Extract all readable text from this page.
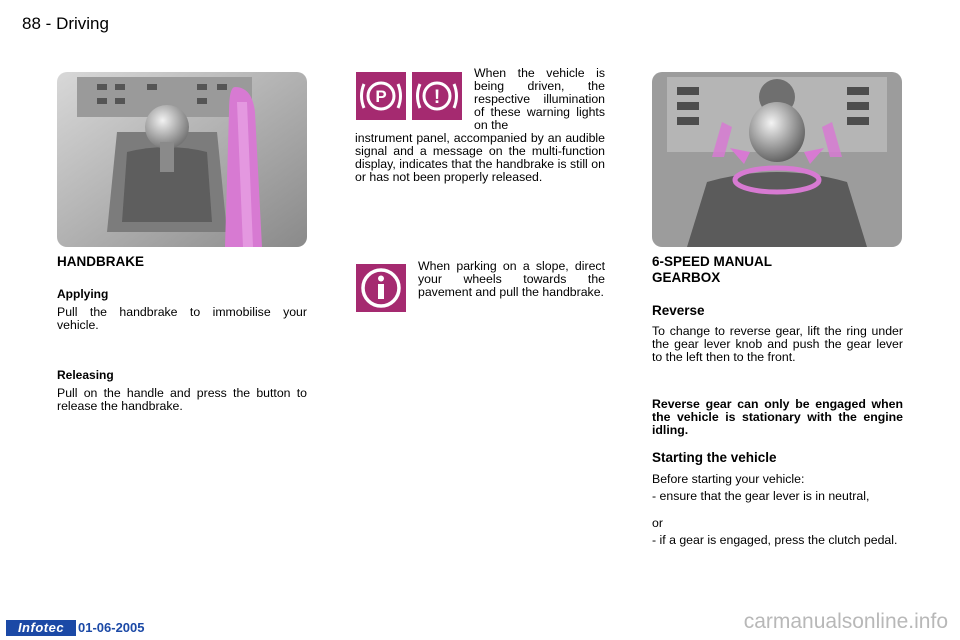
88 - Driving
HANDBRAKE
Applying
Pull the handbrake to immobilise your vehicle.
Releasing
Pull on the handle and press the button to release the handbrake.
P !
When the vehicle is being driven, the respective illumination of these warning lights on the
instrument panel, accompanied by an audible signal and a message on the multi-function display, indicates that the handbrake is still on or has not been properly released.
When parking on a slope, direct your wheels towards the pavement and pull the handbrake.
6-SPEED MANUAL
GEARBOX
Reverse
To change to reverse gear, lift the ring under the gear lever knob and push the gear lever to the left then to the front.
Reverse gear can only be engaged when the vehicle is stationary with the engine idling.
Starting the vehicle
Before starting your vehicle:
- ensure that the gear lever is in neutral,
or
- if a gear is engaged, press the clutch pedal.
Infotec	01-06-2005	carmanualsonline.info
